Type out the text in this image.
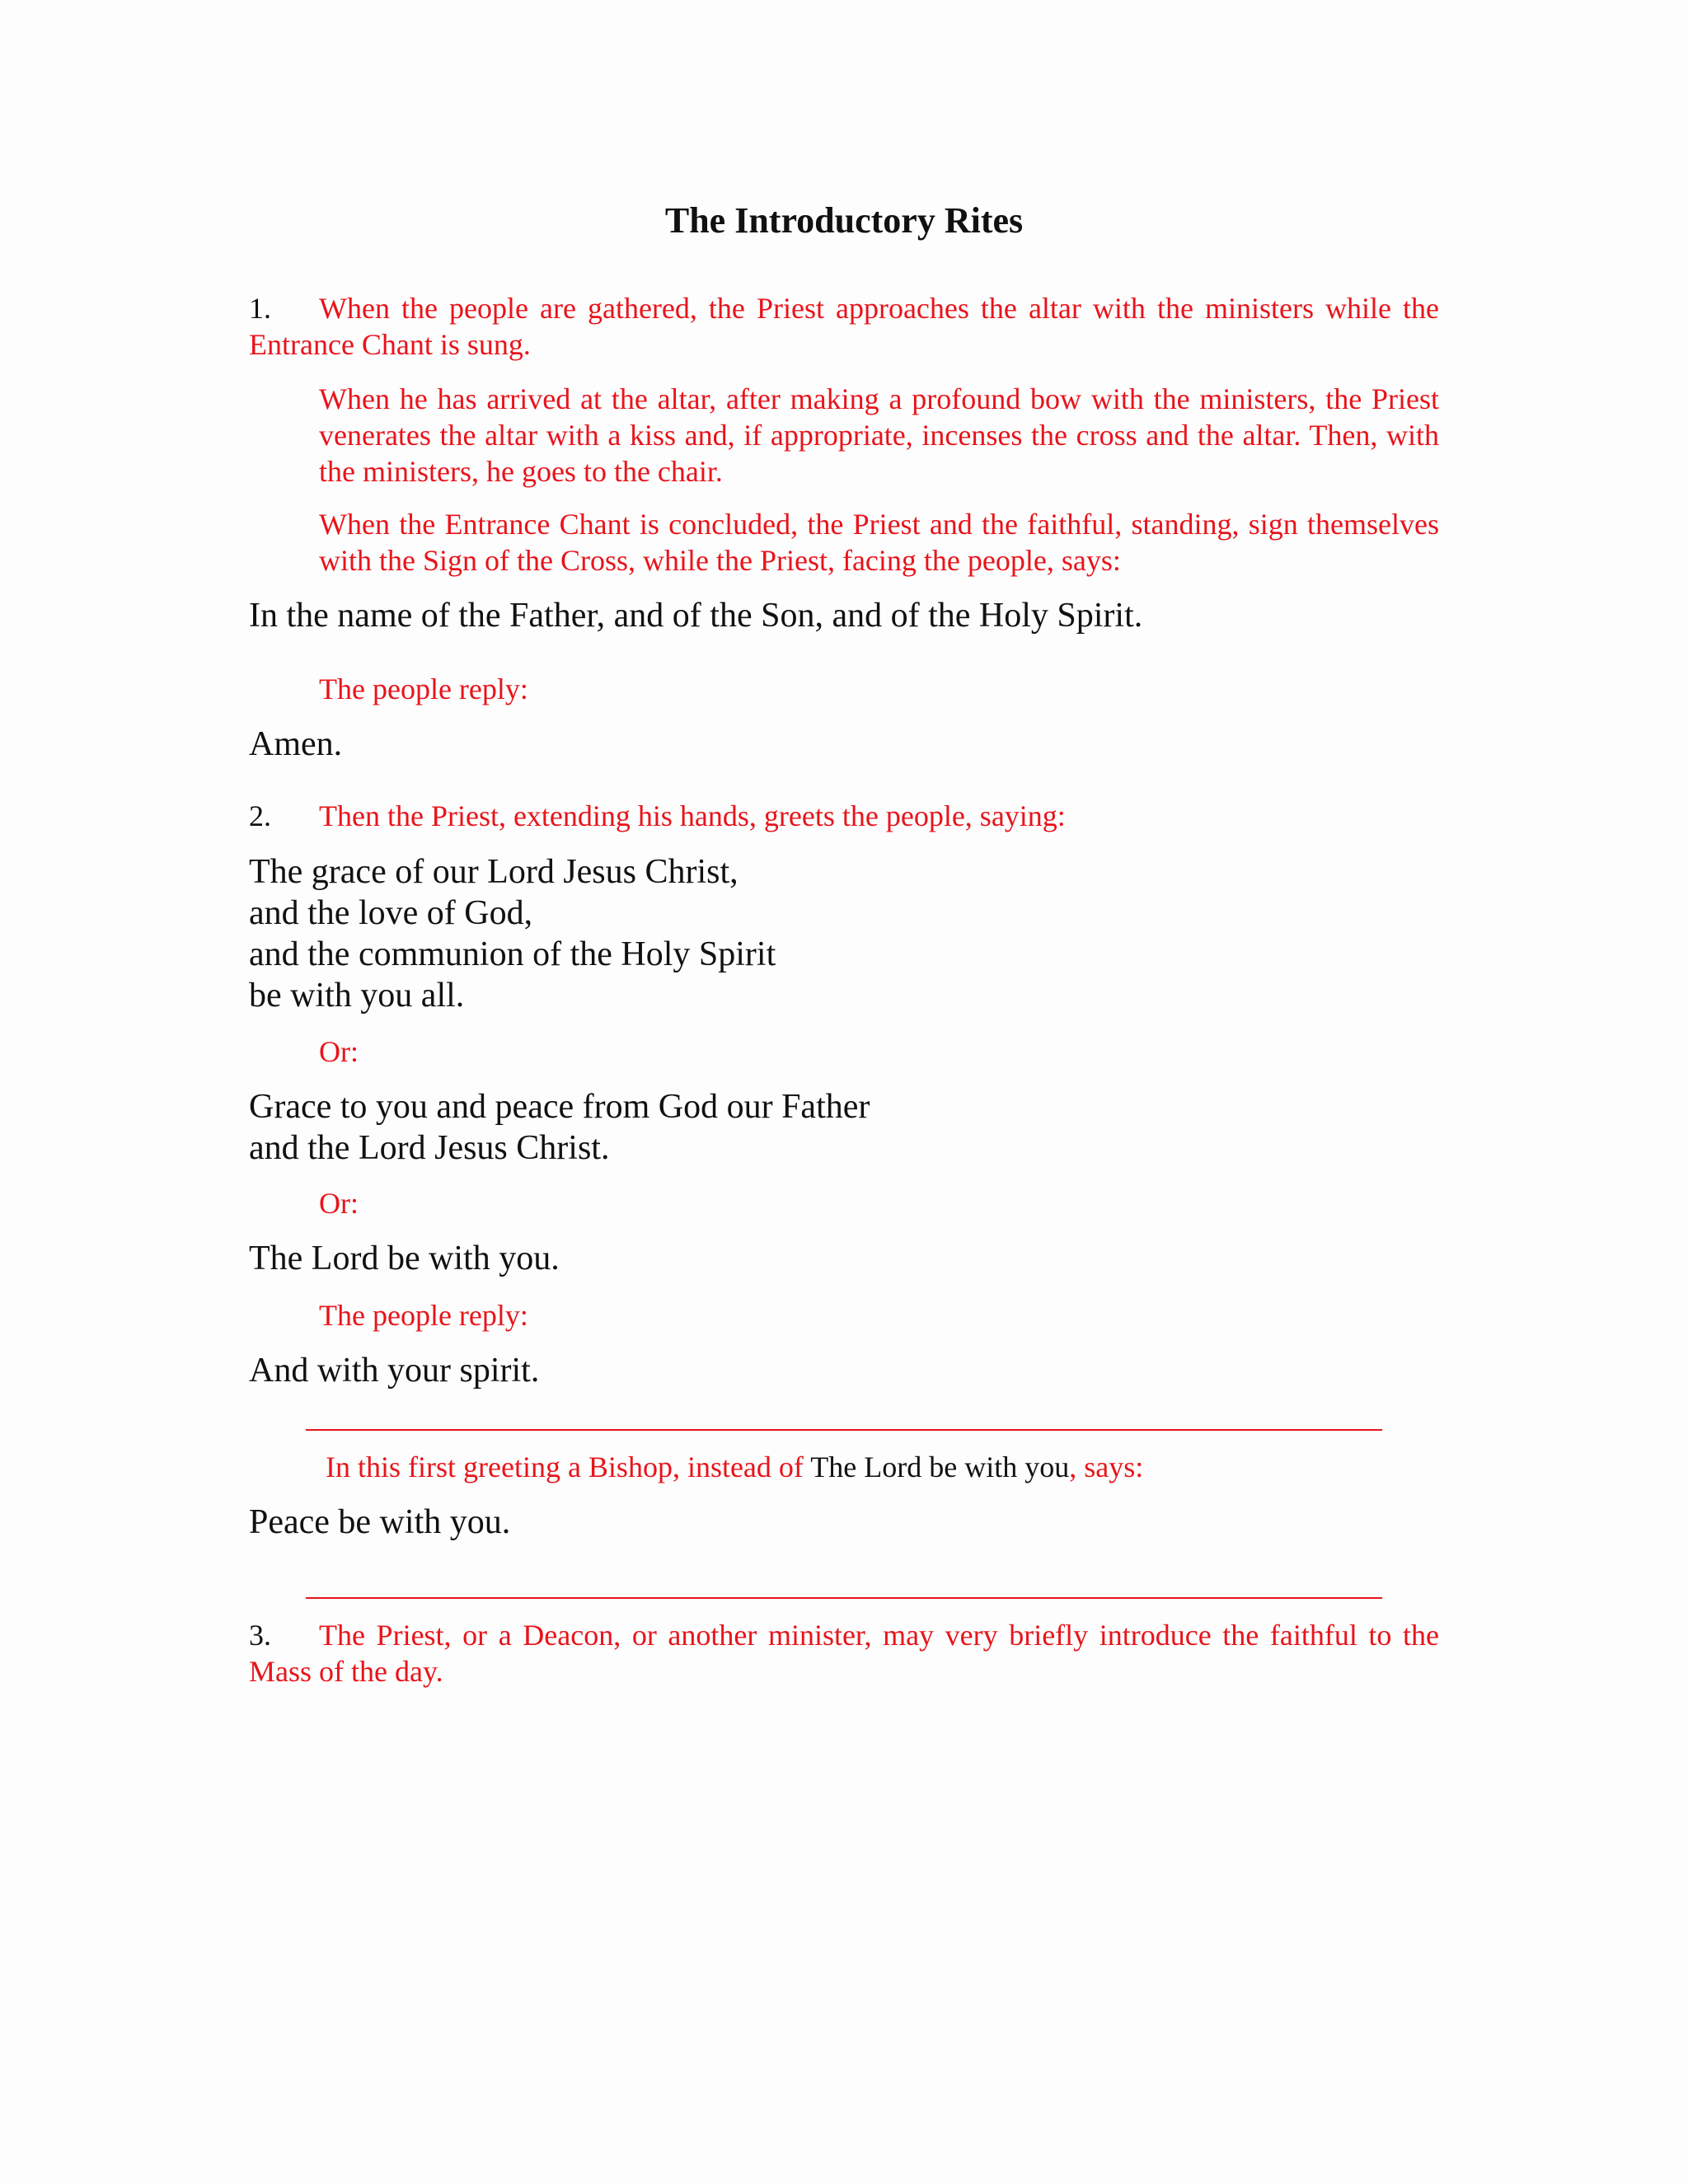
The Introductory Rites
1. When the people are gathered, the Priest approaches the altar with the ministers while the Entrance Chant is sung.
When he has arrived at the altar, after making a profound bow with the ministers, the Priest venerates the altar with a kiss and, if appropriate, incenses the cross and the altar. Then, with the ministers, he goes to the chair.
When the Entrance Chant is concluded, the Priest and the faithful, standing, sign themselves with the Sign of the Cross, while the Priest, facing the people, says:
In the name of the Father, and of the Son, and of the Holy Spirit.
The people reply:
Amen.
2. Then the Priest, extending his hands, greets the people, saying:
The grace of our Lord Jesus Christ,
and the love of God,
and the communion of the Holy Spirit
be with you all.
Or:
Grace to you and peace from God our Father
and the Lord Jesus Christ.
Or:
The Lord be with you.
The people reply:
And with your spirit.
In this first greeting a Bishop, instead of The Lord be with you, says:
Peace be with you.
3. The Priest, or a Deacon, or another minister, may very briefly introduce the faithful to the Mass of the day.
